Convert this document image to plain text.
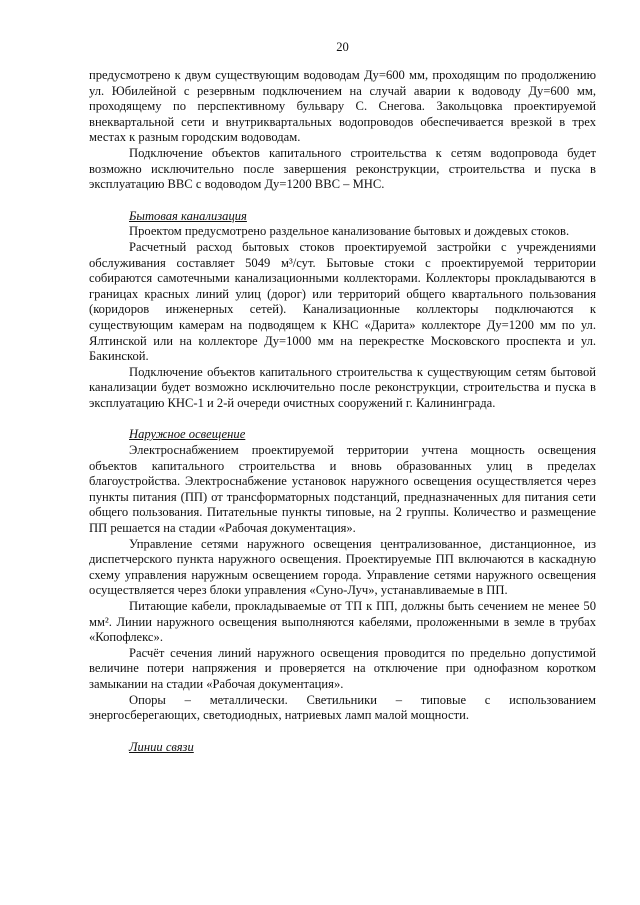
20

предусмотрено к двум существующим водоводам Ду=600 мм, проходящим по продолжению ул. Юбилейной с резервным подключением на случай аварии к водоводу Ду=600 мм, проходящему по перспективному бульвару С. Снегова. Закольцовка проектируемой внеквартальной сети и внутриквартальных водопроводов обеспечивается врезкой в трех местах к разным городским водоводам.

Подключение объектов капитального строительства к сетям водопровода будет возможно исключительно после завершения реконструкции, строительства и пуска в эксплуатацию ВВС с водоводом Ду=1200 ВВС – МНС.

Бытовая канализация

Проектом предусмотрено раздельное канализование бытовых и дождевых стоков.

Расчетный расход бытовых стоков проектируемой застройки с учреждениями обслуживания составляет 5049 м³/сут. Бытовые стоки с проектируемой территории собираются самотечными канализационными коллекторами. Коллекторы прокладываются в границах красных линий улиц (дорог) или территорий общего квартального пользования (коридоров инженерных сетей). Канализационные коллекторы подключаются к существующим камерам на подводящем к КНС «Дарита» коллекторе Ду=1200 мм по ул. Ялтинской или на коллекторе Ду=1000 мм на перекрестке Московского проспекта и ул. Бакинской.

Подключение объектов капитального строительства к существующим сетям бытовой канализации будет возможно исключительно после реконструкции, строительства и пуска в эксплуатацию КНС-1 и 2-й очереди очистных сооружений г. Калининграда.

Наружное освещение

Электроснабжением проектируемой территории учтена мощность освещения объектов капитального строительства и вновь образованных улиц в пределах благоустройства. Электроснабжение установок наружного освещения осуществляется через пункты питания (ПП) от трансформаторных подстанций, предназначенных для питания сети общего пользования. Питательные пункты типовые, на 2 группы. Количество и размещение ПП решается на стадии «Рабочая документация».

Управление сетями наружного освещения централизованное, дистанционное, из диспетчерского пункта наружного освещения. Проектируемые ПП включаются в каскадную схему управления наружным освещением города. Управление сетями наружного освещения осуществляется через блоки управления «Суно-Луч», устанавливаемые в ПП.

Питающие кабели, прокладываемые от ТП к ПП, должны быть сечением не менее 50 мм². Линии наружного освещения выполняются кабелями, проложенными в земле в трубах «Копофлекс».

Расчёт сечения линий наружного освещения проводится по предельно допустимой величине потери напряжения и проверяется на отключение при однофазном коротком замыкании на стадии «Рабочая документация».

Опоры – металлически. Светильники – типовые с использованием энергосберегающих, светодиодных, натриевых ламп малой мощности.

Линии связи
